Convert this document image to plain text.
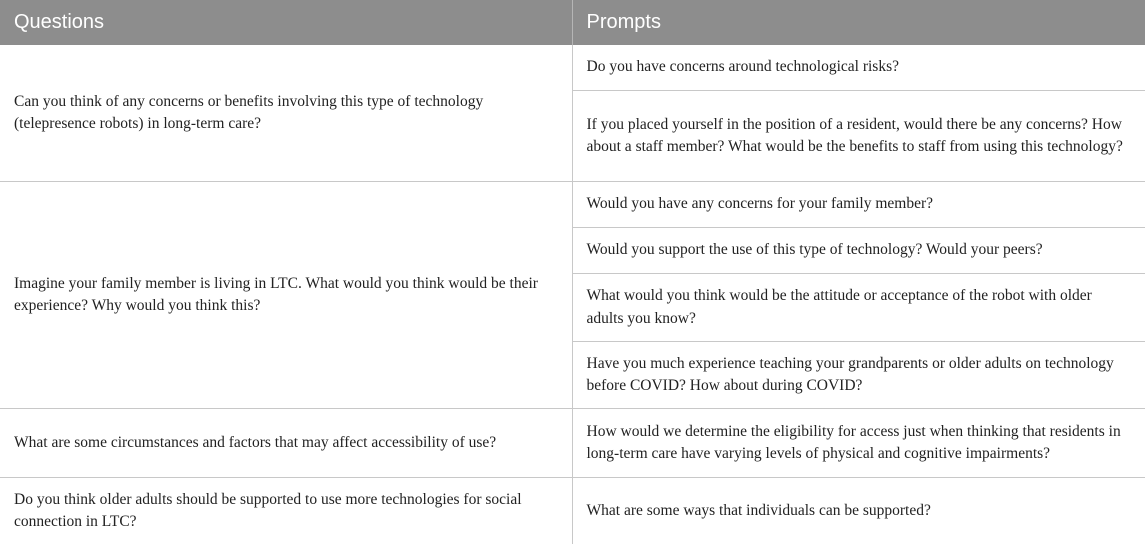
Questions	Prompts
Can you think of any concerns or benefits involving this type of technology (telepresence robots) in long-term care?	Do you have concerns around technological risks?
	If you placed yourself in the position of a resident, would there be any concerns? How about a staff member? What would be the benefits to staff from using this technology?
Imagine your family member is living in LTC. What would you think would be their experience? Why would you think this?	Would you have any concerns for your family member?
	Would you support the use of this type of technology? Would your peers?
	What would you think would be the attitude or acceptance of the robot with older adults you know?
	Have you much experience teaching your grandparents or older adults on technology before COVID? How about during COVID?
What are some circumstances and factors that may affect accessibility of use?	How would we determine the eligibility for access just when thinking that residents in long-term care have varying levels of physical and cognitive impairments?
Do you think older adults should be supported to use more technologies for social connection in LTC?	What are some ways that individuals can be supported?
